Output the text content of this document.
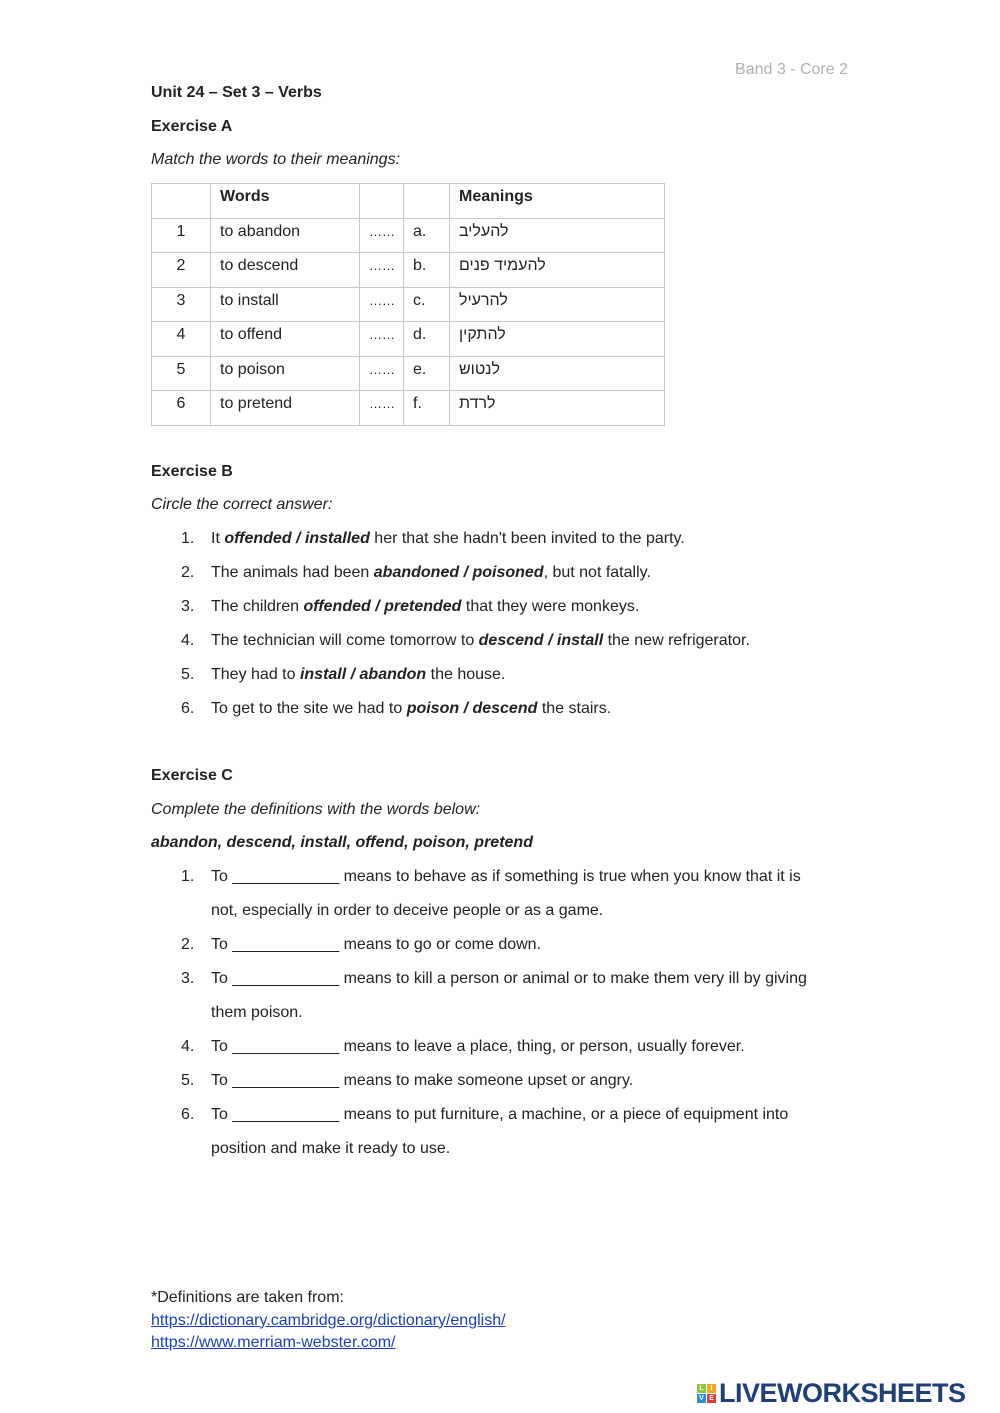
Band 3 - Core 2
Unit 24 – Set 3 – Verbs
Exercise A
Match the words to their meanings:
	Words			Meanings
1	to abandon	……	a.	להעליב
2	to descend	……	b.	להעמיד פנים
3	to install	……	c.	להרעיל
4	to offend	……	d.	להתקין
5	to poison	……	e.	לנטוש
6	to pretend	……	f.	לרדת
Exercise B
Circle the correct answer:
1. It offended / installed her that she hadn't been invited to the party.
2. The animals had been abandoned / poisoned, but not fatally.
3. The children offended / pretended that they were monkeys.
4. The technician will come tomorrow to descend / install the new refrigerator.
5. They had to install / abandon the house.
6. To get to the site we had to poison / descend the stairs.
Exercise C
Complete the definitions with the words below:
abandon, descend, install, offend, poison, pretend
1. To ____________ means to behave as if something is true when you know that it is
not, especially in order to deceive people or as a game.
2. To ____________ means to go or come down.
3. To ____________ means to kill a person or animal or to make them very ill by giving
them poison.
4. To ____________ means to leave a place, thing, or person, usually forever.
5. To ____________ means to make someone upset or angry.
6. To ____________ means to put furniture, a machine, or a piece of equipment into
position and make it ready to use.
*Definitions are taken from:
https://dictionary.cambridge.org/dictionary/english/
https://www.merriam-webster.com/
L I
V E LIVEWORKSHEETS
